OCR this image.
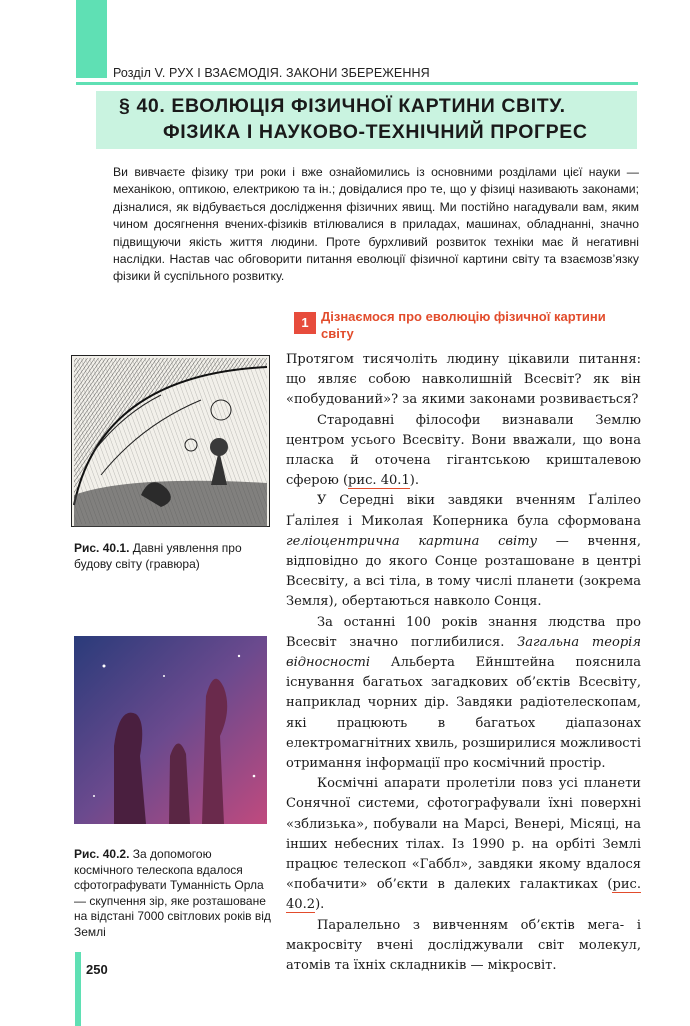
Розділ V. РУХ І ВЗАЄМОДІЯ. ЗАКОНИ ЗБЕРЕЖЕННЯ
§ 40. ЕВОЛЮЦІЯ ФІЗИЧНОЇ КАРТИНИ СВІТУ.
ФІЗИКА І НАУКОВО-ТЕХНІЧНИЙ ПРОГРЕС
Ви вивчаєте фізику три роки і вже ознайомились із основними розділами цієї науки — механікою, оптикою, електрикою та ін.; довідалися про те, що у фізиці називають законами; дізналися, як відбувається дослідження фізичних явищ. Ми постійно нагадували вам, яким чином досягнення вчених-фізиків втілювалися в приладах, машинах, обладнанні, значно підвищуючи якість життя людини. Проте бурхливий розвиток техніки має й негативні наслідки. Настав час обговорити питання еволюції фізичної картини світу та взаємозв’язку фізики й суспільного розвитку.
1 Дізнаємося про еволюцію фізичної картини світу
Рис. 40.1. Давні уявлення про будову світу (гравюра)
Рис. 40.2. За допомогою космічного телескопа вдалося сфотографувати Туманність Орла — скупчення зір, яке розташоване на відстані 7000 світлових років від Землі

Протягом тисячоліть людину цікавили питання: що являє собою навколишній Всесвіт? як він «побудований»? за якими законами розвивається?

Стародавні філософи визнавали Землю центром усього Всесвіту. Вони вважали, що вона пласка й оточена гігантською кришталевою сферою (рис. 40.1).

У Середні віки завдяки вченням Ґалілео Ґалілея і Миколая Коперника була сформована геліоцентрична картина світу — вчення, відповідно до якого Сонце розташоване в центрі Всесвіту, а всі тіла, в тому числі планети (зокрема Земля), обертаються навколо Сонця.

За останні 100 років знання людства про Всесвіт значно поглибилися. Загальна теорія відносності Альберта Ейнштейна пояснила існування багатьох загадкових об’єктів Всесвіту, наприклад чорних дір. Завдяки радіотелескопам, які працюють в багатьох діапазонах електромагнітних хвиль, розширилися можливості отримання інформації про космічний простір.

Космічні апарати пролетіли повз усі планети Сонячної системи, сфотографували їхні поверхні «зблизька», побували на Марсі, Венері, Місяці, на інших небесних тілах. Із 1990 р. на орбіті Землі працює телескоп «Габбл», завдяки якому вдалося «побачити» об’єкти в далеких галактиках (рис. 40.2).

Паралельно з вивченням об’єктів мега- і макросвіту вчені досліджували світ молекул, атомів та їхніх складників — мікросвіт.

250
